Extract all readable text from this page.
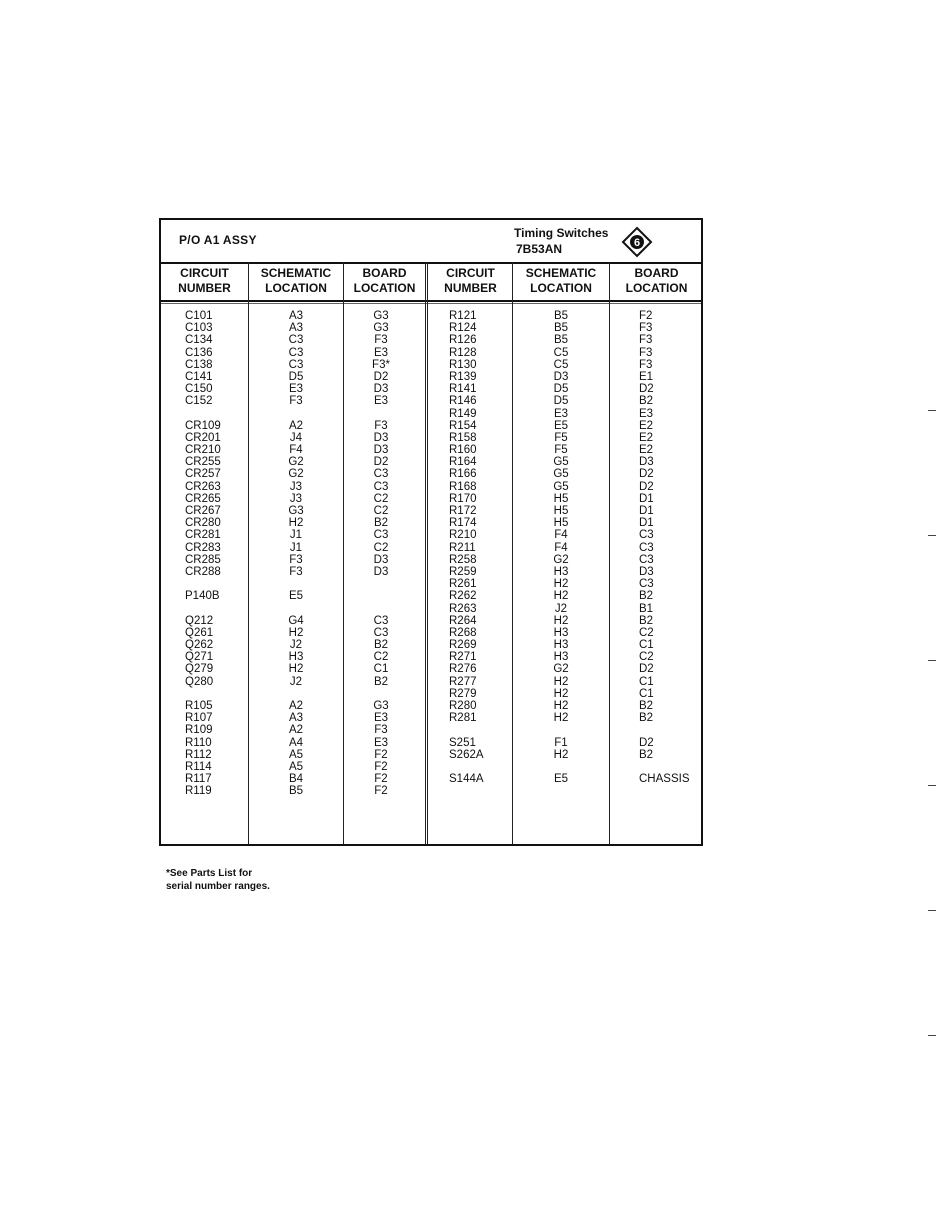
P/O A1 ASSY	Timing Switches
7B53AN	6
CIRCUIT
NUMBER
SCHEMATIC
LOCATION
BOARD
LOCATION
CIRCUIT
NUMBER
SCHEMATIC
LOCATION
BOARD
LOCATION
C101
C103
C134
C136
C138
C141
C150
C152
CR109
CR201
CR210
CR255
CR257
CR263
CR265
CR267
CR280
CR281
CR283
CR285
CR288
P140B
Q212
Q261
Q262
Q271
Q279
Q280
R105
R107
R109
R110
R112
R114
R117
R119
A3
A3
C3
C3
C3
D5
E3
F3
A2
J4
F4
G2
G2
J3
J3
G3
H2
J1
J1
F3
F3
E5
G4
H2
J2
H3
H2
J2
A2
A3
A2
A4
A5
A5
B4
B5
G3
G3
F3
E3
F3*
D2
D3
E3
F3
D3
D3
D2
C3
C3
C2
C2
B2
C3
C2
D3
D3
C3
C3
B2
C2
C1
B2
G3
E3
F3
E3
F2
F2
F2
F2
R121
R124
R126
R128
R130
R139
R141
R146
R149
R154
R158
R160
R164
R166
R168
R170
R172
R174
R210
R211
R258
R259
R261
R262
R263
R264
R268
R269
R271
R276
R277
R279
R280
R281
S251
S262A
S144A
B5
B5
B5
C5
C5
D3
D5
D5
E3
E5
F5
F5
G5
G5
G5
H5
H5
H5
F4
F4
G2
H3
H2
H2
J2
H2
H3
H3
H3
G2
H2
H2
H2
H2
F1
H2
E5
F2
F3
F3
F3
F3
E1
D2
B2
E3
E2
E2
E2
D3
D2
D2
D1
D1
D1
C3
C3
C3
D3
C3
B2
B1
B2
C2
C1
C2
D2
C1
C1
B2
B2
D2
B2
CHASSIS
*See Parts List for
serial number ranges.
